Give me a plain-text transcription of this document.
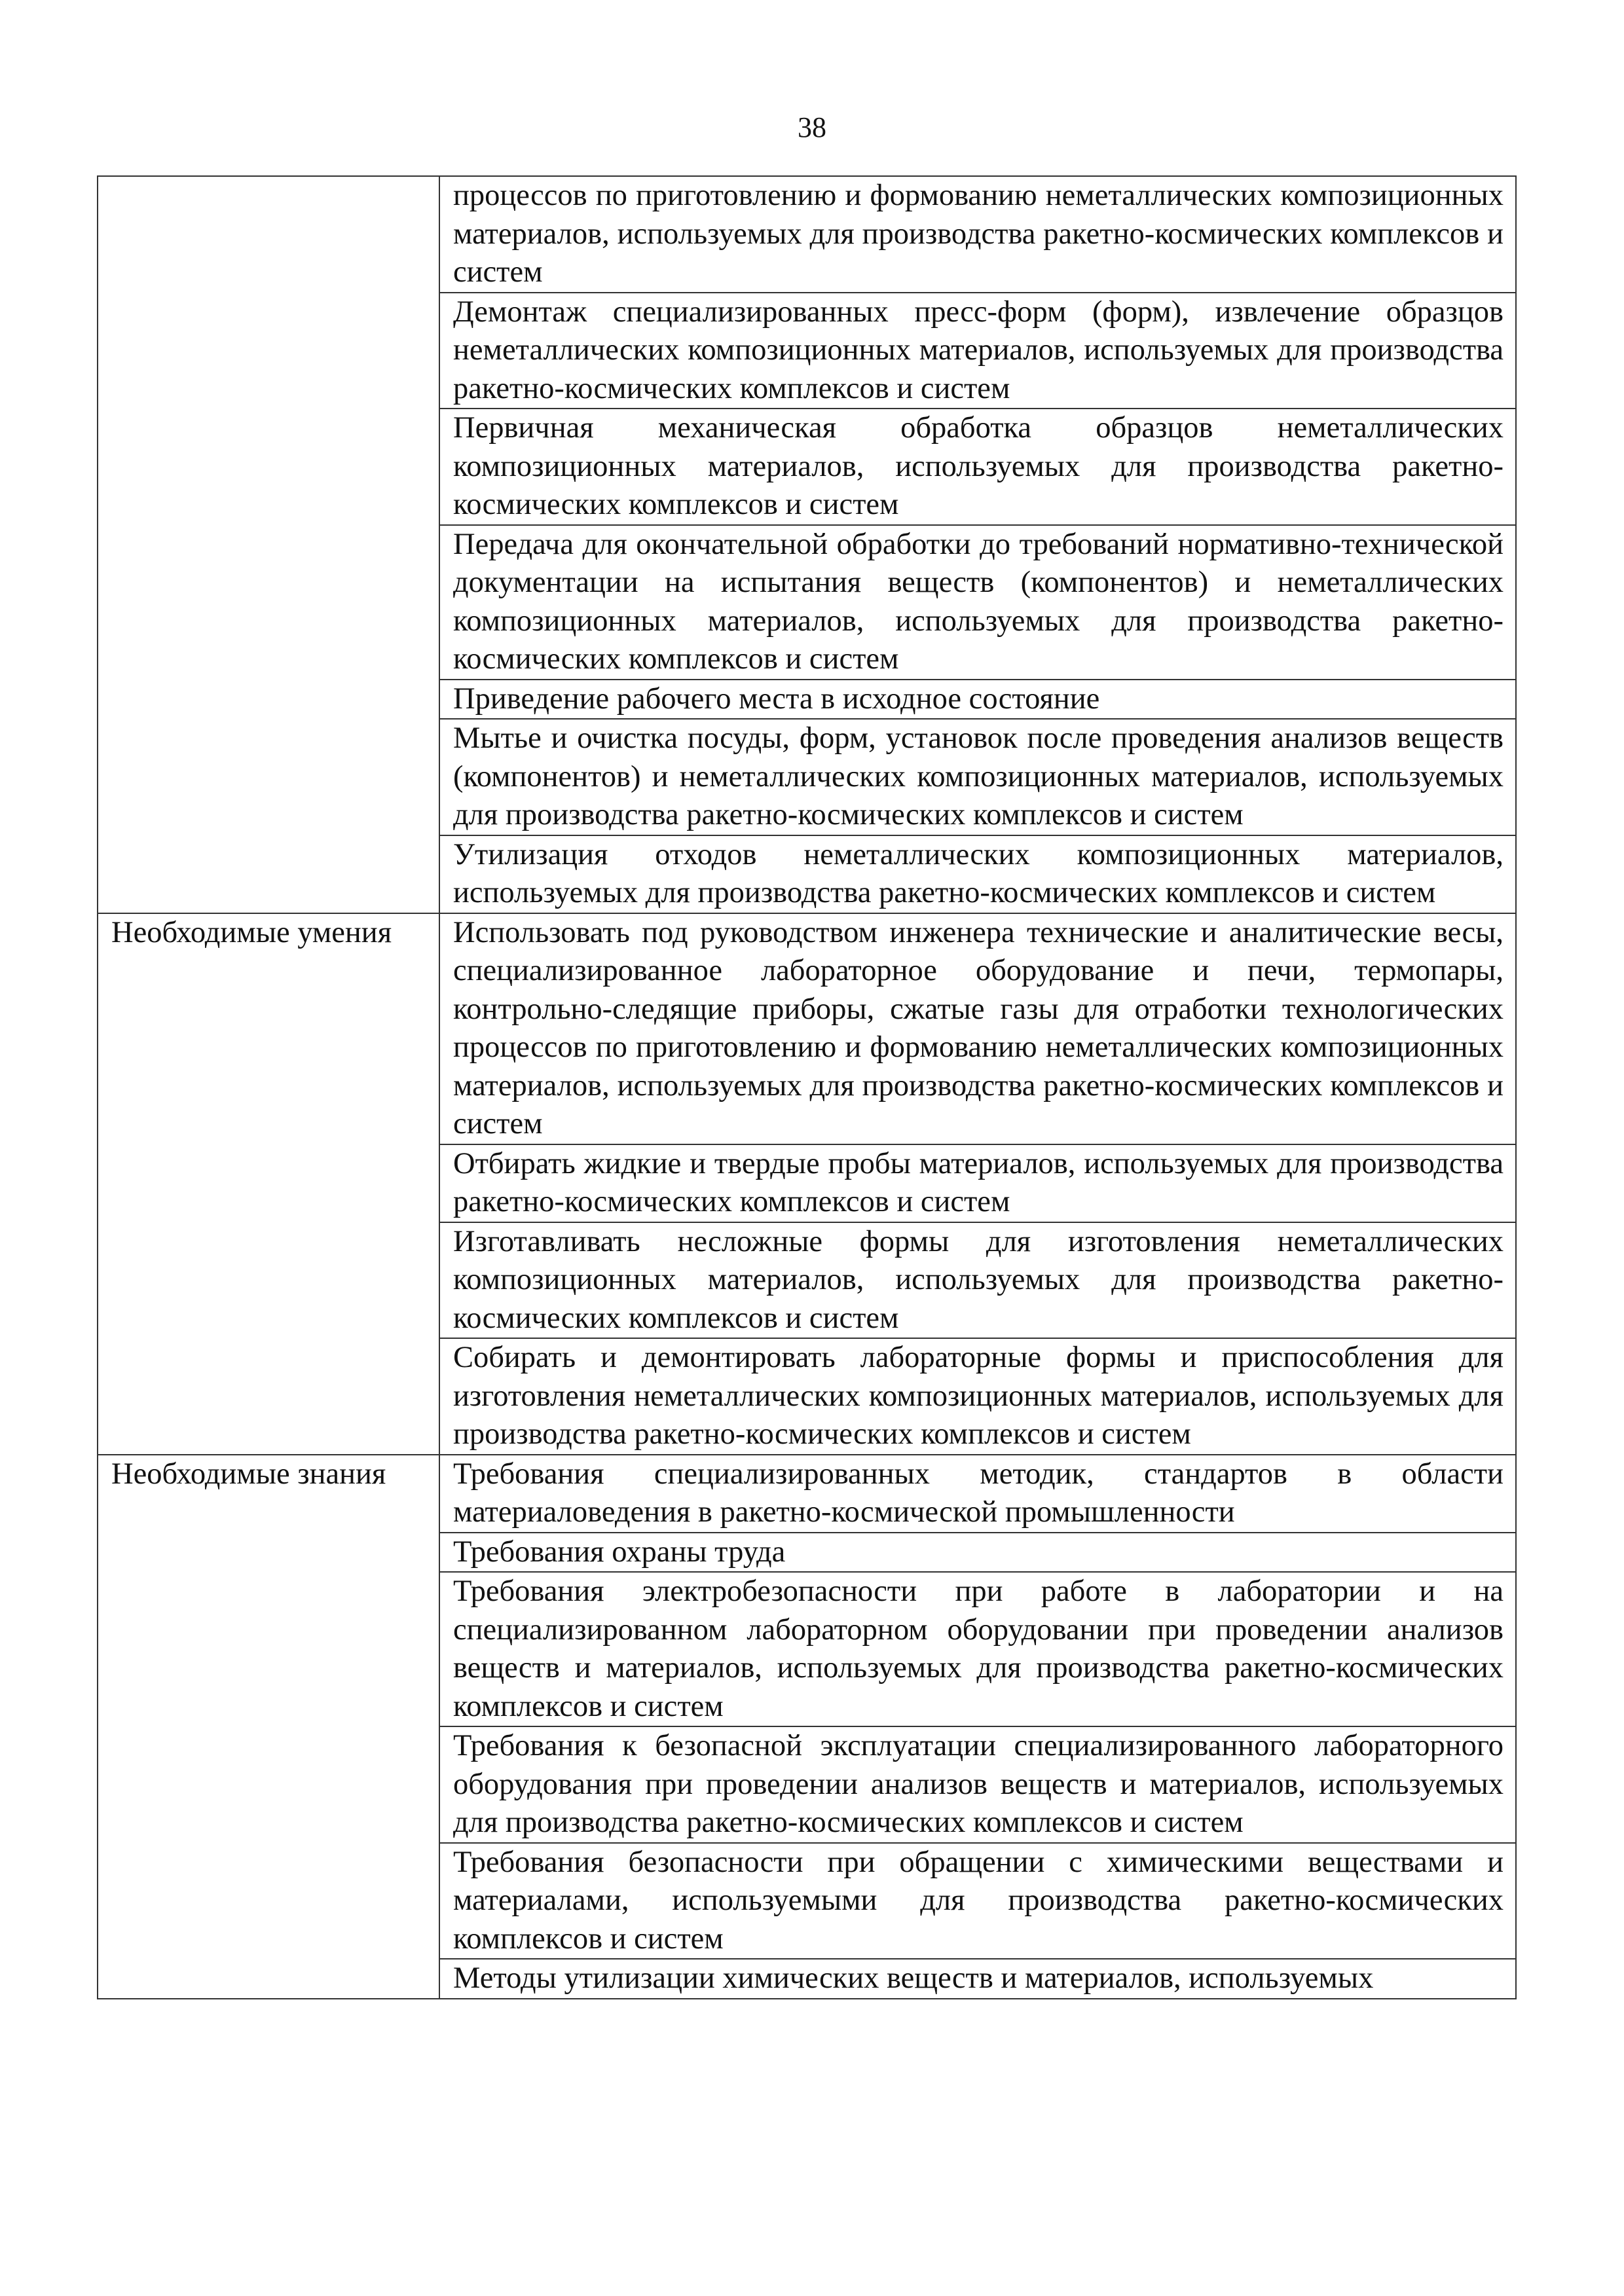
38
	процессов по приготовлению и формованию неметаллических композиционных материалов, используемых для производства ракетно-космических комплексов и систем
	Демонтаж специализированных пресс-форм (форм), извлечение образцов неметаллических композиционных материалов, используемых для производства ракетно-космических комплексов и систем
	Первичная механическая обработка образцов неметаллических композиционных материалов, используемых для производства ракетно-космических комплексов и систем
	Передача для окончательной обработки до требований нормативно-технической документации на испытания веществ (компонентов) и неметаллических композиционных материалов, используемых для производства ракетно-космических комплексов и систем
	Приведение рабочего места в исходное состояние
	Мытье и очистка посуды, форм, установок после проведения анализов веществ (компонентов) и неметаллических композиционных материалов, используемых для производства ракетно-космических комплексов и систем
	Утилизация отходов неметаллических композиционных материалов, используемых для производства ракетно-космических комплексов и систем
Необходимые умения	Использовать под руководством инженера технические и аналитические весы, специализированное лабораторное оборудование и печи, термопары, контрольно-следящие приборы, сжатые газы для отработки технологических процессов по приготовлению и формованию неметаллических композиционных материалов, используемых для производства ракетно-космических комплексов и систем
	Отбирать жидкие и твердые пробы материалов, используемых для производства ракетно-космических комплексов и систем
	Изготавливать несложные формы для изготовления неметаллических композиционных материалов, используемых для производства ракетно-космических комплексов и систем
	Собирать и демонтировать лабораторные формы и приспособления для изготовления неметаллических композиционных материалов, используемых для производства ракетно-космических комплексов и систем
Необходимые знания	Требования специализированных методик, стандартов в области материаловедения в ракетно-космической промышленности
	Требования охраны труда
	Требования электробезопасности при работе в лаборатории и на специализированном лабораторном оборудовании при проведении анализов веществ и материалов, используемых для производства ракетно-космических комплексов и систем
	Требования к безопасной эксплуатации специализированного лабораторного оборудования при проведении анализов веществ и материалов, используемых для производства ракетно-космических комплексов и систем
	Требования безопасности при обращении с химическими веществами и материалами, используемыми для производства ракетно-космических комплексов и систем
	Методы утилизации химических веществ и материалов, используемых
